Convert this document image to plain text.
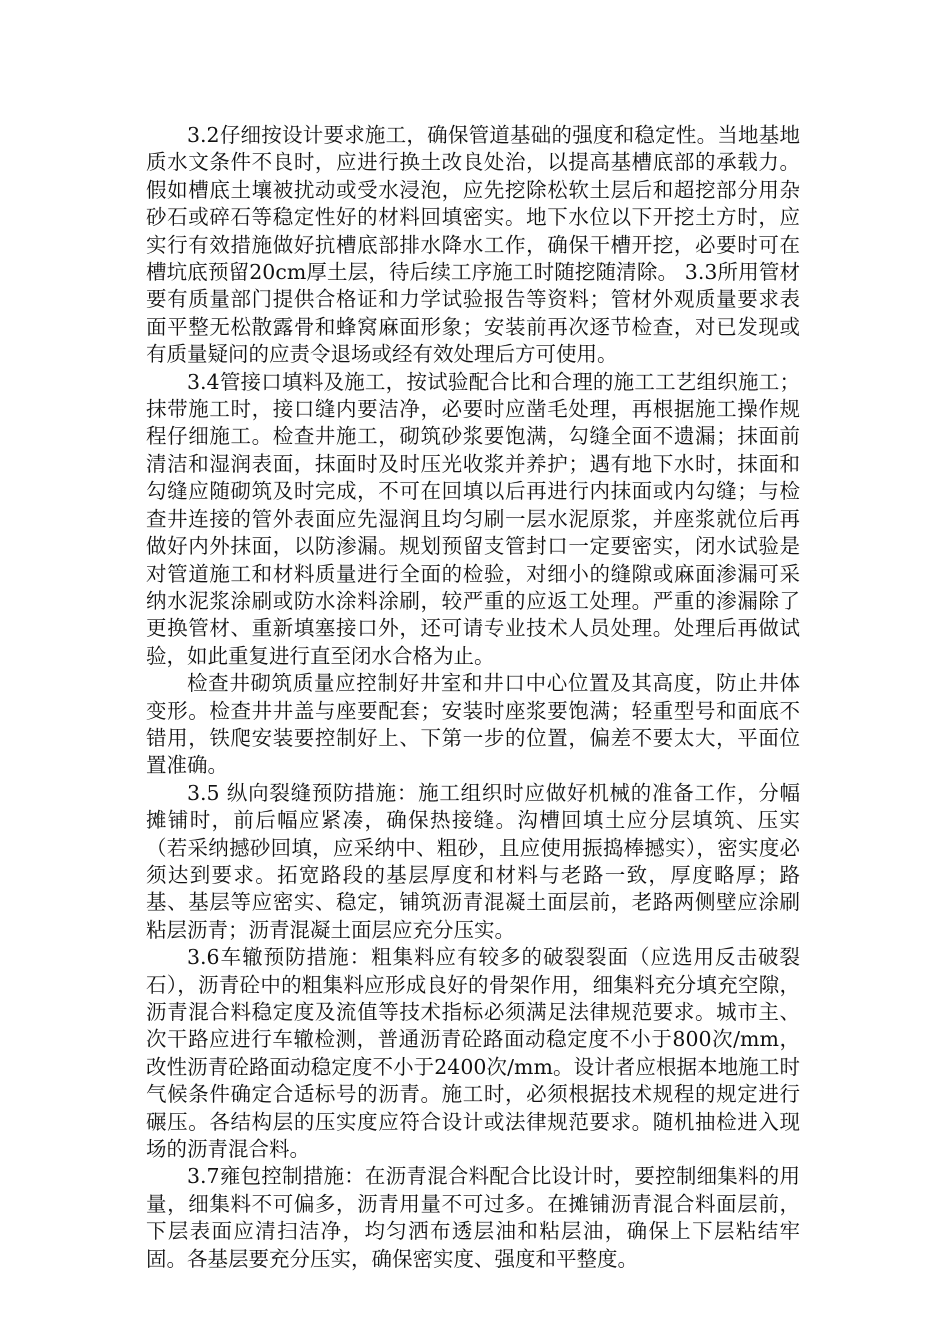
3.2仔细按设计要求施工，确保管道基础的强度和稳定性。当地基地质水文条件不良时，应进行换土改良处治，以提高基槽底部的承载力。假如槽底土壤被扰动或受水浸泡，应先挖除松软土层后和超挖部分用杂砂石或碎石等稳定性好的材料回填密实。地下水位以下开挖土方时，应实行有效措施做好抗槽底部排水降水工作，确保干槽开挖，必要时可在槽坑底预留20cm厚土层，待后续工序施工时随挖随清除。 3.3所用管材要有质量部门提供合格证和力学试验报告等资料；管材外观质量要求表面平整无松散露骨和蜂窝麻面形象；安装前再次逐节检查，对已发现或有质量疑问的应责令退场或经有效处理后方可使用。

3.4管接口填料及施工，按试验配合比和合理的施工工艺组织施工；抹带施工时，接口缝内要洁净，必要时应凿毛处理，再根据施工操作规程仔细施工。检查井施工，砌筑砂浆要饱满，勾缝全面不遗漏；抹面前清洁和湿润表面，抹面时及时压光收浆并养护；遇有地下水时，抹面和勾缝应随砌筑及时完成，不可在回填以后再进行内抹面或内勾缝；与检查井连接的管外表面应先湿润且均匀刷一层水泥原浆，并座浆就位后再做好内外抹面，以防渗漏。规划预留支管封口一定要密实，闭水试验是对管道施工和材料质量进行全面的检验，对细小的缝隙或麻面渗漏可采纳水泥浆涂刷或防水涂料涂刷，较严重的应返工处理。严重的渗漏除了更换管材、重新填塞接口外，还可请专业技术人员处理。处理后再做试验，如此重复进行直至闭水合格为止。

检查井砌筑质量应控制好井室和井口中心位置及其高度，防止井体变形。检查井井盖与座要配套；安装时座浆要饱满；轻重型号和面底不错用，铁爬安装要控制好上、下第一步的位置，偏差不要太大，平面位置准确。

3.5 纵向裂缝预防措施：施工组织时应做好机械的准备工作，分幅摊铺时，前后幅应紧凑，确保热接缝。沟槽回填土应分层填筑、压实（若采纳撼砂回填，应采纳中、粗砂，且应使用振捣棒撼实），密实度必须达到要求。拓宽路段的基层厚度和材料与老路一致，厚度略厚；路基、基层等应密实、稳定，铺筑沥青混凝土面层前，老路两侧壁应涂刷粘层沥青；沥青混凝土面层应充分压实。

3.6车辙预防措施：粗集料应有较多的破裂裂面（应选用反击破裂石），沥青砼中的粗集料应形成良好的骨架作用，细集料充分填充空隙，沥青混合料稳定度及流值等技术指标必须满足法律规范要求。城市主、次干路应进行车辙检测，普通沥青砼路面动稳定度不小于800次/mm，改性沥青砼路面动稳定度不小于2400次/mm。设计者应根据本地施工时气候条件确定合适标号的沥青。施工时，必须根据技术规程的规定进行碾压。各结构层的压实度应符合设计或法律规范要求。随机抽检进入现场的沥青混合料。

3.7雍包控制措施：在沥青混合料配合比设计时，要控制细集料的用量，细集料不可偏多，沥青用量不可过多。在摊铺沥青混合料面层前，下层表面应清扫洁净，均匀洒布透层油和粘层油，确保上下层粘结牢固。各基层要充分压实，确保密实度、强度和平整度。
